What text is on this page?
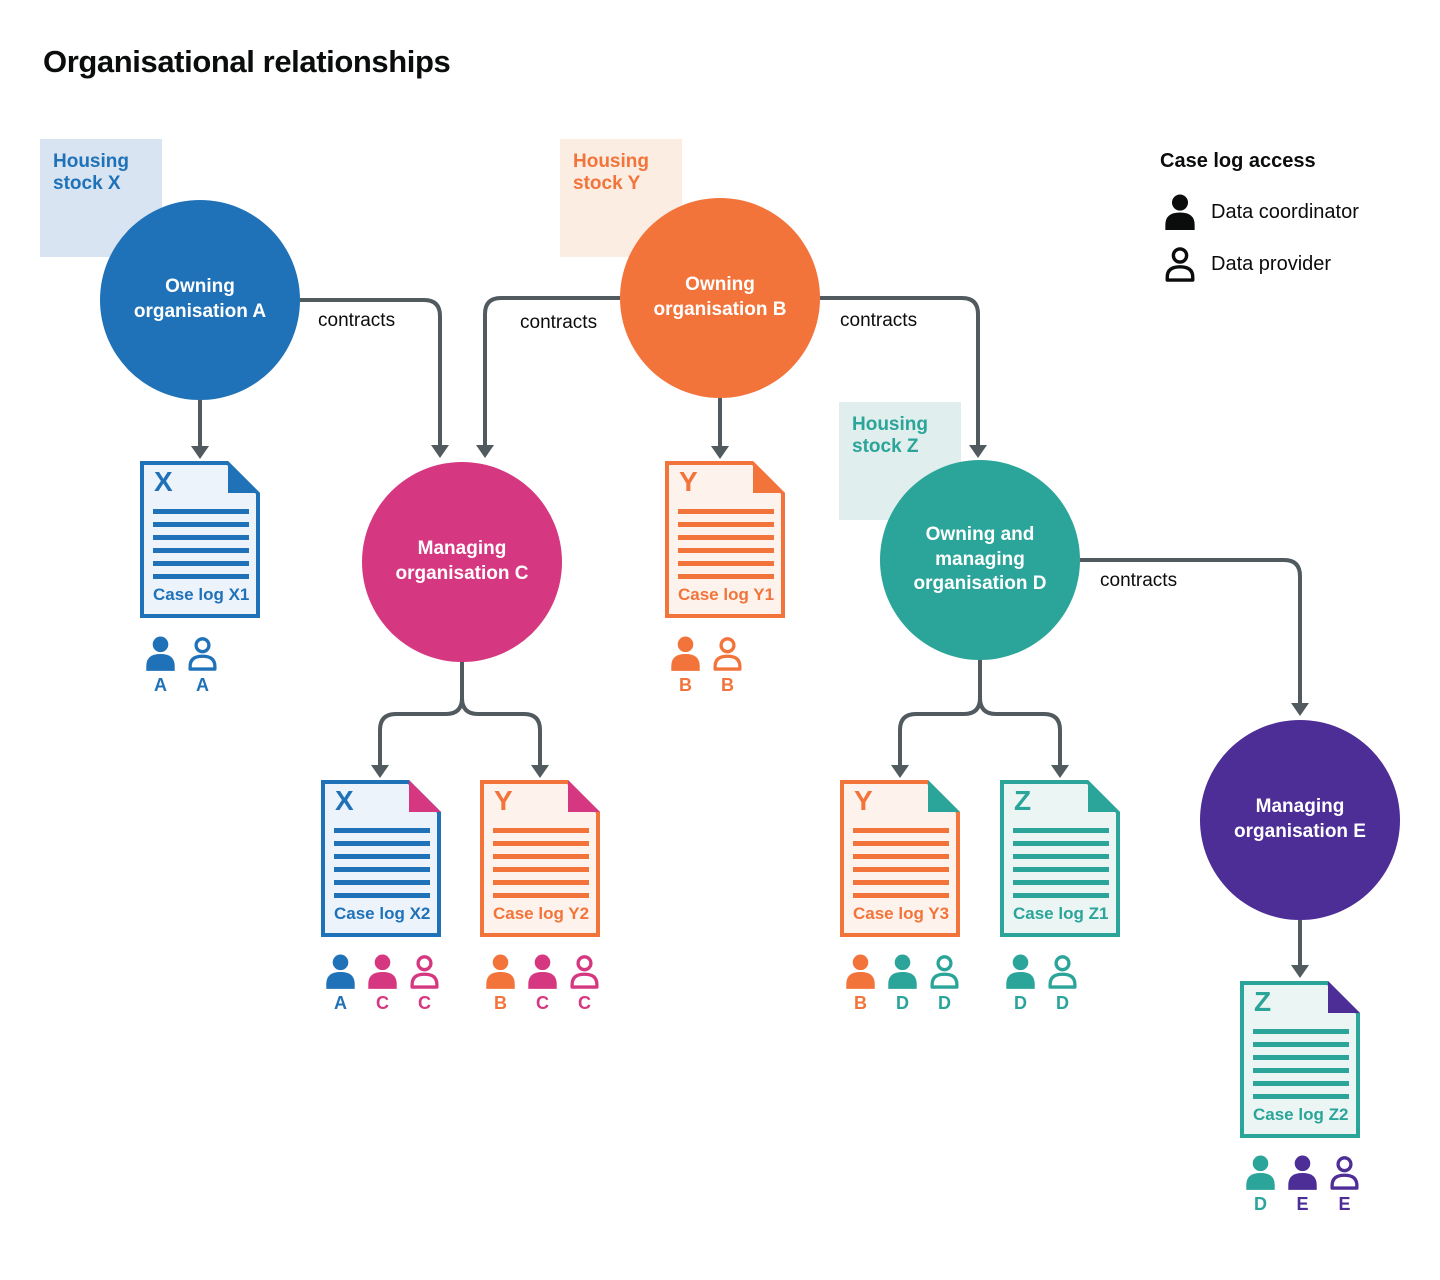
Organisational relationships
Housing stock X
Housing stock Y
Housing stock Z
contracts	contracts	contracts
contracts
Owning organisation A
Owning organisation B
Managing organisation C
Owning and managing organisation D
Managing organisation E
X
Case log X1
Y
Case log Y1
X
Case log X2
Y
Case log Y2
Y
Case log Y3
Z
Case log Z1
Z
Case log Z2
A A	B B
A C C	B C C	B D D	D D
D E E
Case log access
Data coordinator
Data provider
